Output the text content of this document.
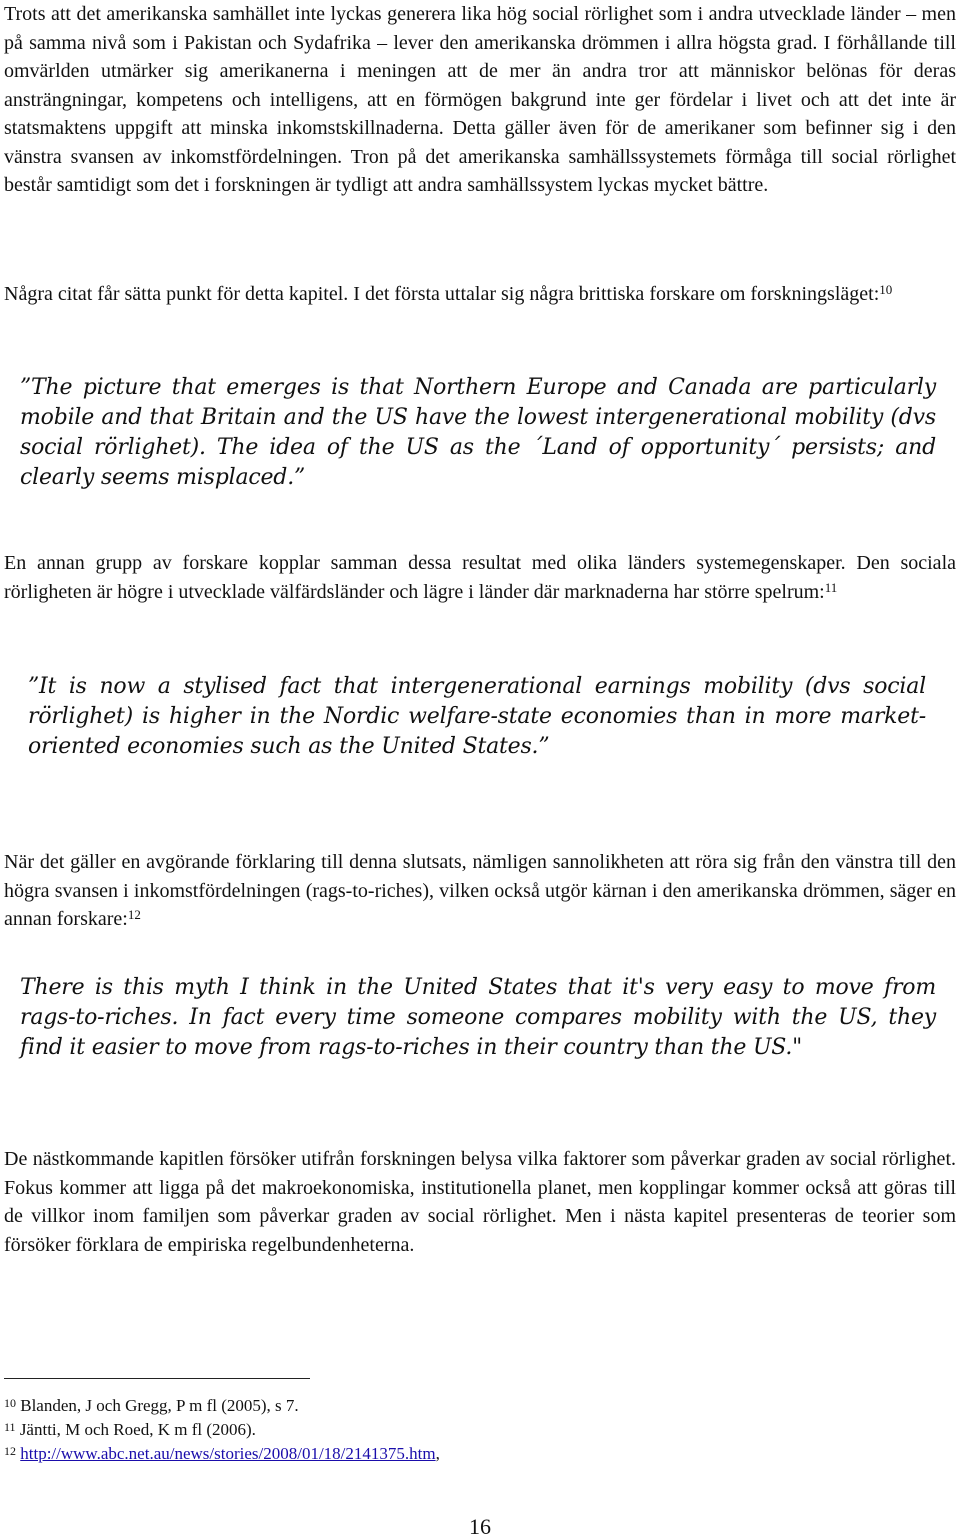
Trots att det amerikanska samhället inte lyckas generera lika hög social rörlighet som i andra utvecklade länder – men på samma nivå som i Pakistan och Sydafrika – lever den amerikanska drömmen i allra högsta grad. I förhållande till omvärlden utmärker sig amerikanerna i meningen att de mer än andra tror att människor belönas för deras ansträngningar, kompetens och intelligens, att en förmögen bakgrund inte ger fördelar i livet och att det inte är statsmaktens uppgift att minska inkomstskillnaderna. Detta gäller även för de amerikaner som befinner sig i den vänstra svansen av inkomstfördelningen. Tron på det amerikanska samhällssystemets förmåga till social rörlighet består samtidigt som det i forskningen är tydligt att andra samhällssystem lyckas mycket bättre.

Några citat får sätta punkt för detta kapitel. I det första uttalar sig några brittiska forskare om forskningsläget:$^{10}$

”The picture that emerges is that Northern Europe and Canada are particularly mobile and that Britain and the US have the lowest intergenerational mobility (dvs social rörlighet). The idea of the US as the ´Land of opportunity´ persists; and clearly seems misplaced.”

En annan grupp av forskare kopplar samman dessa resultat med olika länders systemegenskaper. Den sociala rörligheten är högre i utvecklade välfärdsländer och lägre i länder där marknaderna har större spelrum:$^{11}$

”It is now a stylised fact that intergenerational earnings mobility (dvs social rörlighet) is higher in the Nordic welfare-state economies than in more market-oriented economies such as the United States.”

När det gäller en avgörande förklaring till denna slutsats, nämligen sannolikheten att röra sig från den vänstra till den högra svansen i inkomstfördelningen (rags-to-riches), vilken också utgör kärnan i den amerikanska drömmen, säger en annan forskare:$^{12}$

There is this myth I think in the United States that it's very easy to move from rags-to-riches. In fact every time someone compares mobility with the US, they find it easier to move from rags-to-riches in their country than the US."

De nästkommande kapitlen försöker utifrån forskningen belysa vilka faktorer som påverkar graden av social rörlighet. Fokus kommer att ligga på det makroekonomiska, institutionella planet, men kopplingar kommer också att göras till de villkor inom familjen som påverkar graden av social rörlighet. Men i nästa kapitel presenteras de teorier som försöker förklara de empiriska regelbundenheterna.

$^{10}$ Blanden, J och Gregg, P m fl (2005), s 7.

$^{11}$ Jäntti, M och Roed, K m fl (2006).

$^{12}$ http://www.abc.net.au/news/stories/2008/01/18/2141375.htm,

16
